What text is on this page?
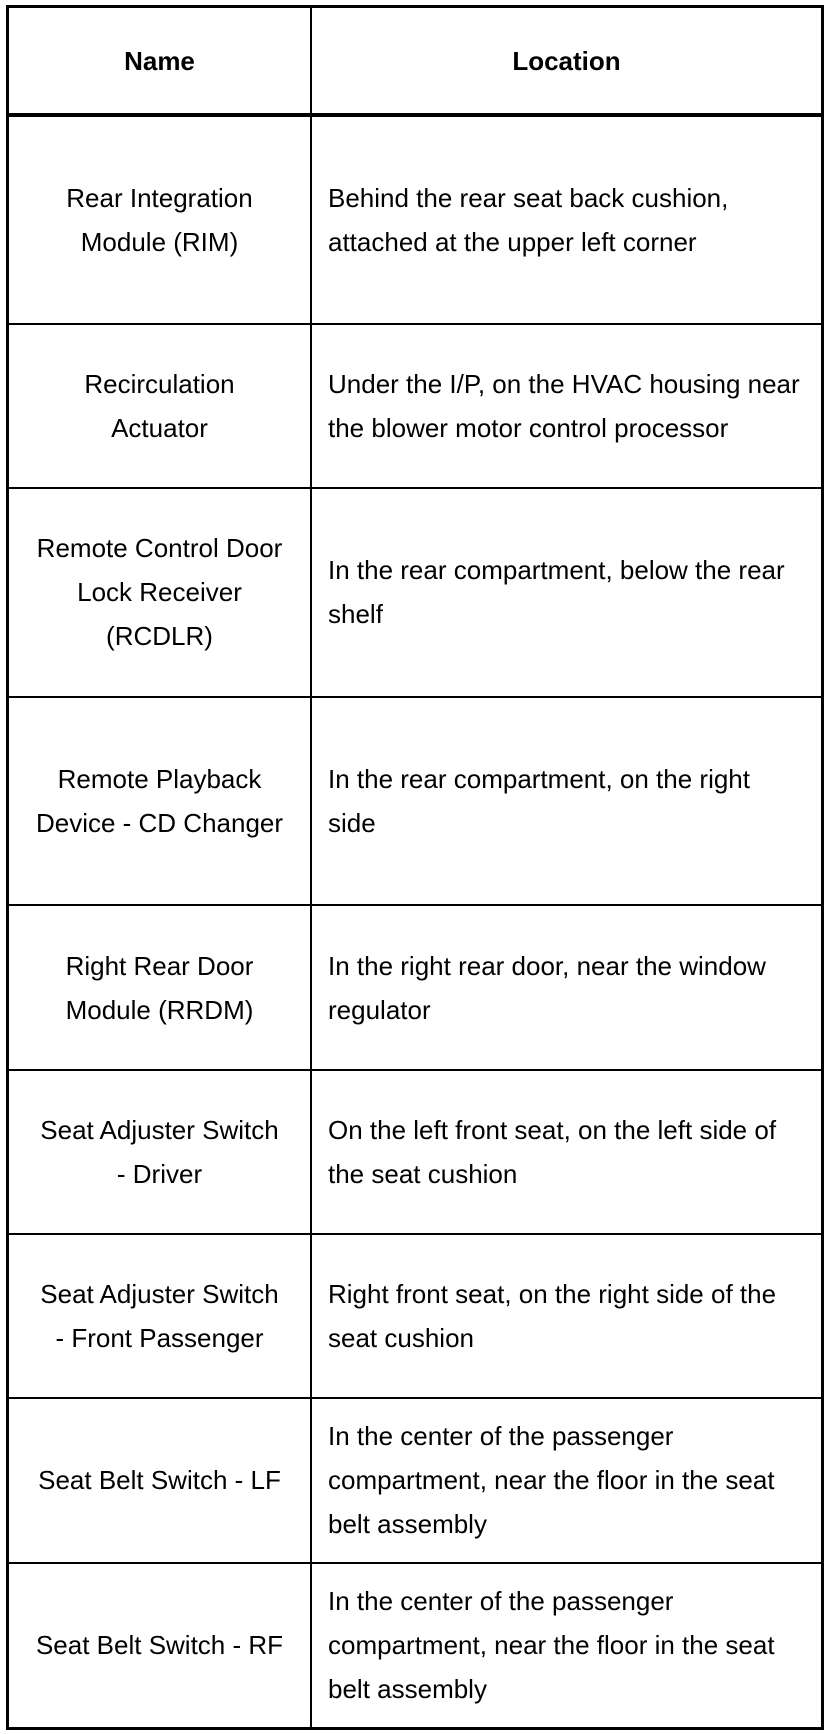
Name	Location
Rear Integration Module (RIM)	Behind the rear seat back cushion, attached at the upper left corner
Recirculation Actuator	Under the I/P, on the HVAC housing near the blower motor control processor
Remote Control Door Lock Receiver (RCDLR)	In the rear compartment, below the rear shelf
Remote Playback Device - CD Changer	In the rear compartment, on the right side
Right Rear Door Module (RRDM)	In the right rear door, near the window regulator
Seat Adjuster Switch - Driver	On the left front seat, on the left side of the seat cushion
Seat Adjuster Switch - Front Passenger	Right front seat, on the right side of the seat cushion
Seat Belt Switch - LF	In the center of the passenger compartment, near the floor in the seat belt assembly
Seat Belt Switch - RF	In the center of the passenger compartment, near the floor in the seat belt assembly
